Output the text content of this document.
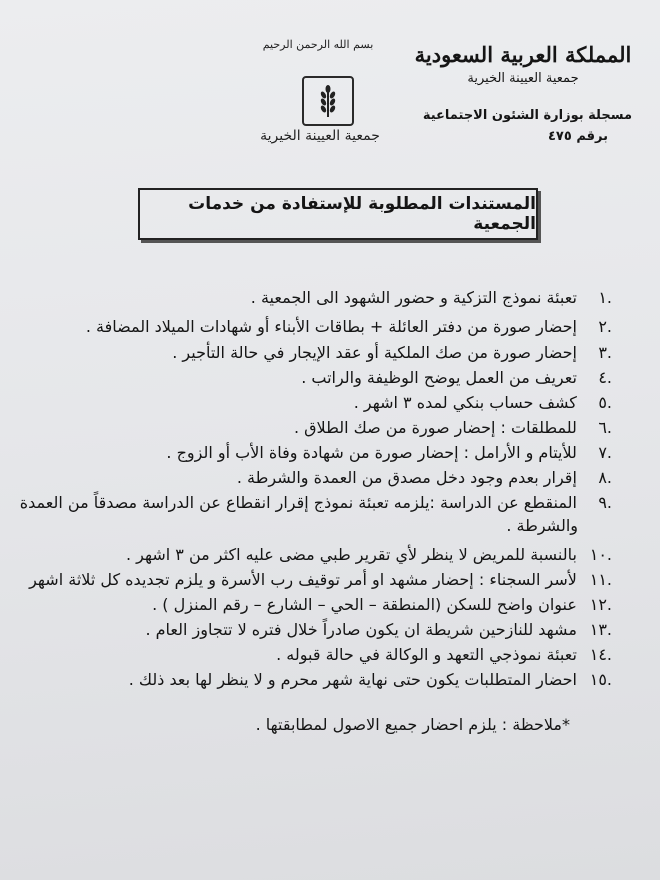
المملكة العربية السعودية
جمعية العيينة الخيرية
مسجلة بوزارة الشئون الاجتماعية
برقم ٤٧٥
بسم الله الرحمن الرحيم
جمعية العيينة الخيرية
المستندات المطلوبة للإستفادة من خدمات الجمعية
.١ تعبئة نموذج التزكية و حضور الشهود الى الجمعية .
.٢ إحضار صورة من دفتر العائلة + بطاقات الأبناء أو شهادات الميلاد المضافة .
.٣ إحضار صورة من صك الملكية أو عقد الإيجار في حالة التأجير .
.٤ تعريف من العمل يوضح الوظيفة والراتب .
.٥ كشف حساب بنكي لمده ٣ اشهر .
.٦ للمطلقات : إحضار صورة من صك الطلاق .
.٧ للأيتام و الأرامل : إحضار صورة من شهادة وفاة الأب أو الزوج .
.٨ إقرار بعدم وجود دخل مصدق من العمدة والشرطة .
.٩ المنقطع عن الدراسة :يلزمه تعبئة نموذج إقرار انقطاع عن الدراسة مصدقاً من العمدة
والشرطة .
.١٠ بالنسبة للمريض لا ينظر لأي تقرير طبي مضى عليه اكثر من ٣ اشهر .
.١١ لأسر السجناء : إحضار مشهد او أمر توقيف رب الأسرة و يلزم تجديده كل ثلاثة اشهر
.١٢ عنوان واضح للسكن (المنطقة – الحي – الشارع – رقم المنزل ) .
.١٣ مشهد للنازحين شريطة ان يكون صادراً خلال فتره لا تتجاوز العام .
.١٤ تعبئة نموذجي التعهد و الوكالة في حالة قبوله .
.١٥ احضار المتطلبات يكون حتى نهاية شهر محرم و لا ينظر لها بعد ذلك .
*ملاحظة : يلزم احضار جميع الاصول لمطابقتها .
